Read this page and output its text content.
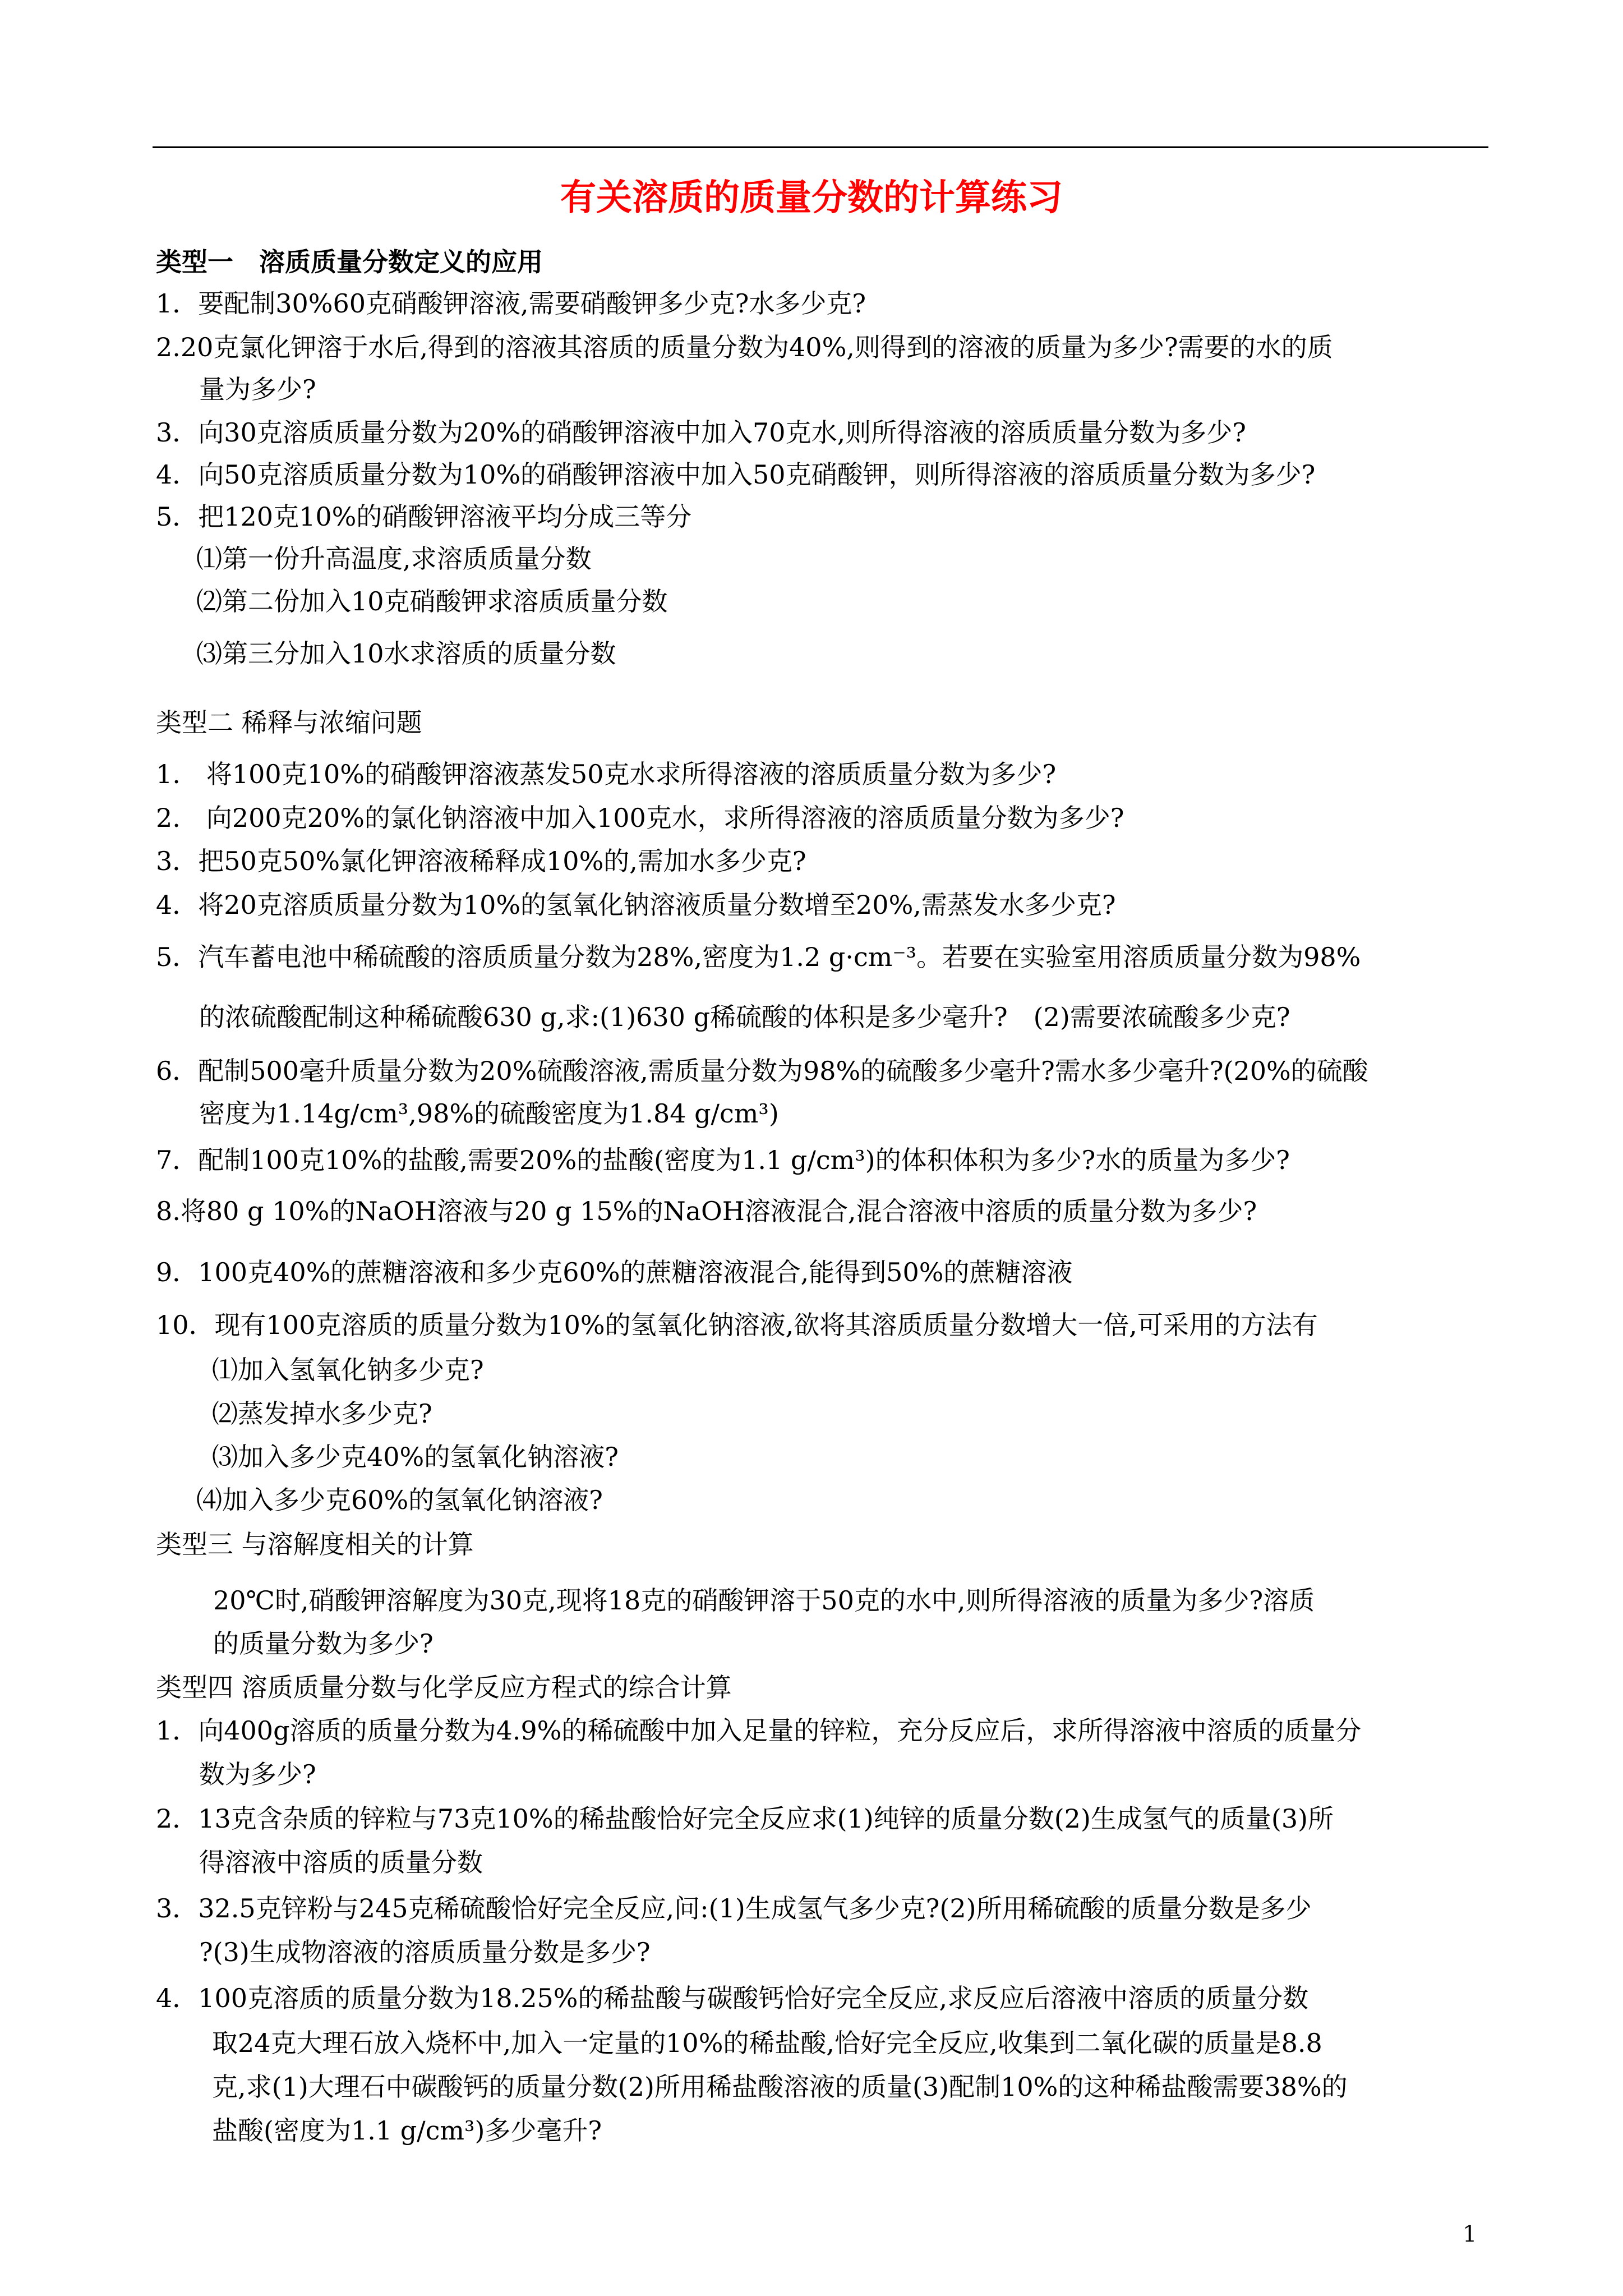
有关溶质的质量分数的计算练习
类型一　溶质质量分数定义的应用
1．要配制30%60克硝酸钾溶液,需要硝酸钾多少克?水多少克?
2.20克氯化钾溶于水后,得到的溶液其溶质的质量分数为40%,则得到的溶液的质量为多少?需要的水的质
量为多少?
3．向30克溶质质量分数为20%的硝酸钾溶液中加入70克水,则所得溶液的溶质质量分数为多少?
4．向50克溶质质量分数为10%的硝酸钾溶液中加入50克硝酸钾，则所得溶液的溶质质量分数为多少?
5．把120克10%的硝酸钾溶液平均分成三等分
⑴第一份升高温度,求溶质质量分数
⑵第二份加入10克硝酸钾求溶质质量分数
⑶第三分加入10水求溶质的质量分数
类型二 稀释与浓缩问题
1.　将100克10%的硝酸钾溶液蒸发50克水求所得溶液的溶质质量分数为多少?
2.　向200克20%的氯化钠溶液中加入100克水，求所得溶液的溶质质量分数为多少?
3．把50克50%氯化钾溶液稀释成10%的,需加水多少克?
4．将20克溶质质量分数为10%的氢氧化钠溶液质量分数增至20%,需蒸发水多少克?
5．汽车蓄电池中稀硫酸的溶质质量分数为28%,密度为1.2 g·cm⁻³。若要在实验室用溶质质量分数为98%
的浓硫酸配制这种稀硫酸630 g,求:(1)630 g稀硫酸的体积是多少毫升?　(2)需要浓硫酸多少克?
6．配制500毫升质量分数为20%硫酸溶液,需质量分数为98%的硫酸多少毫升?需水多少毫升?(20%的硫酸
密度为1.14g/cm³,98%的硫酸密度为1.84 g/cm³)
7．配制100克10%的盐酸,需要20%的盐酸(密度为1.1 g/cm³)的体积体积为多少?水的质量为多少?
8.将80 g 10%的NaOH溶液与20 g 15%的NaOH溶液混合,混合溶液中溶质的质量分数为多少?
9．100克40%的蔗糖溶液和多少克60%的蔗糖溶液混合,能得到50%的蔗糖溶液
10．现有100克溶质的质量分数为10%的氢氧化钠溶液,欲将其溶质质量分数增大一倍,可采用的方法有
⑴加入氢氧化钠多少克?
⑵蒸发掉水多少克?
⑶加入多少克40%的氢氧化钠溶液?
⑷加入多少克60%的氢氧化钠溶液?
类型三 与溶解度相关的计算
20℃时,硝酸钾溶解度为30克,现将18克的硝酸钾溶于50克的水中,则所得溶液的质量为多少?溶质
的质量分数为多少?
类型四 溶质质量分数与化学反应方程式的综合计算
1．向400g溶质的质量分数为4.9%的稀硫酸中加入足量的锌粒，充分反应后，求所得溶液中溶质的质量分
数为多少?
2．13克含杂质的锌粒与73克10%的稀盐酸恰好完全反应求(1)纯锌的质量分数(2)生成氢气的质量(3)所
得溶液中溶质的质量分数
3．32.5克锌粉与245克稀硫酸恰好完全反应,问:(1)生成氢气多少克?(2)所用稀硫酸的质量分数是多少
?(3)生成物溶液的溶质质量分数是多少?
4．100克溶质的质量分数为18.25%的稀盐酸与碳酸钙恰好完全反应,求反应后溶液中溶质的质量分数
取24克大理石放入烧杯中,加入一定量的10%的稀盐酸,恰好完全反应,收集到二氧化碳的质量是8.8
克,求(1)大理石中碳酸钙的质量分数(2)所用稀盐酸溶液的质量(3)配制10%的这种稀盐酸需要38%的
盐酸(密度为1.1 g/cm³)多少毫升?
1
